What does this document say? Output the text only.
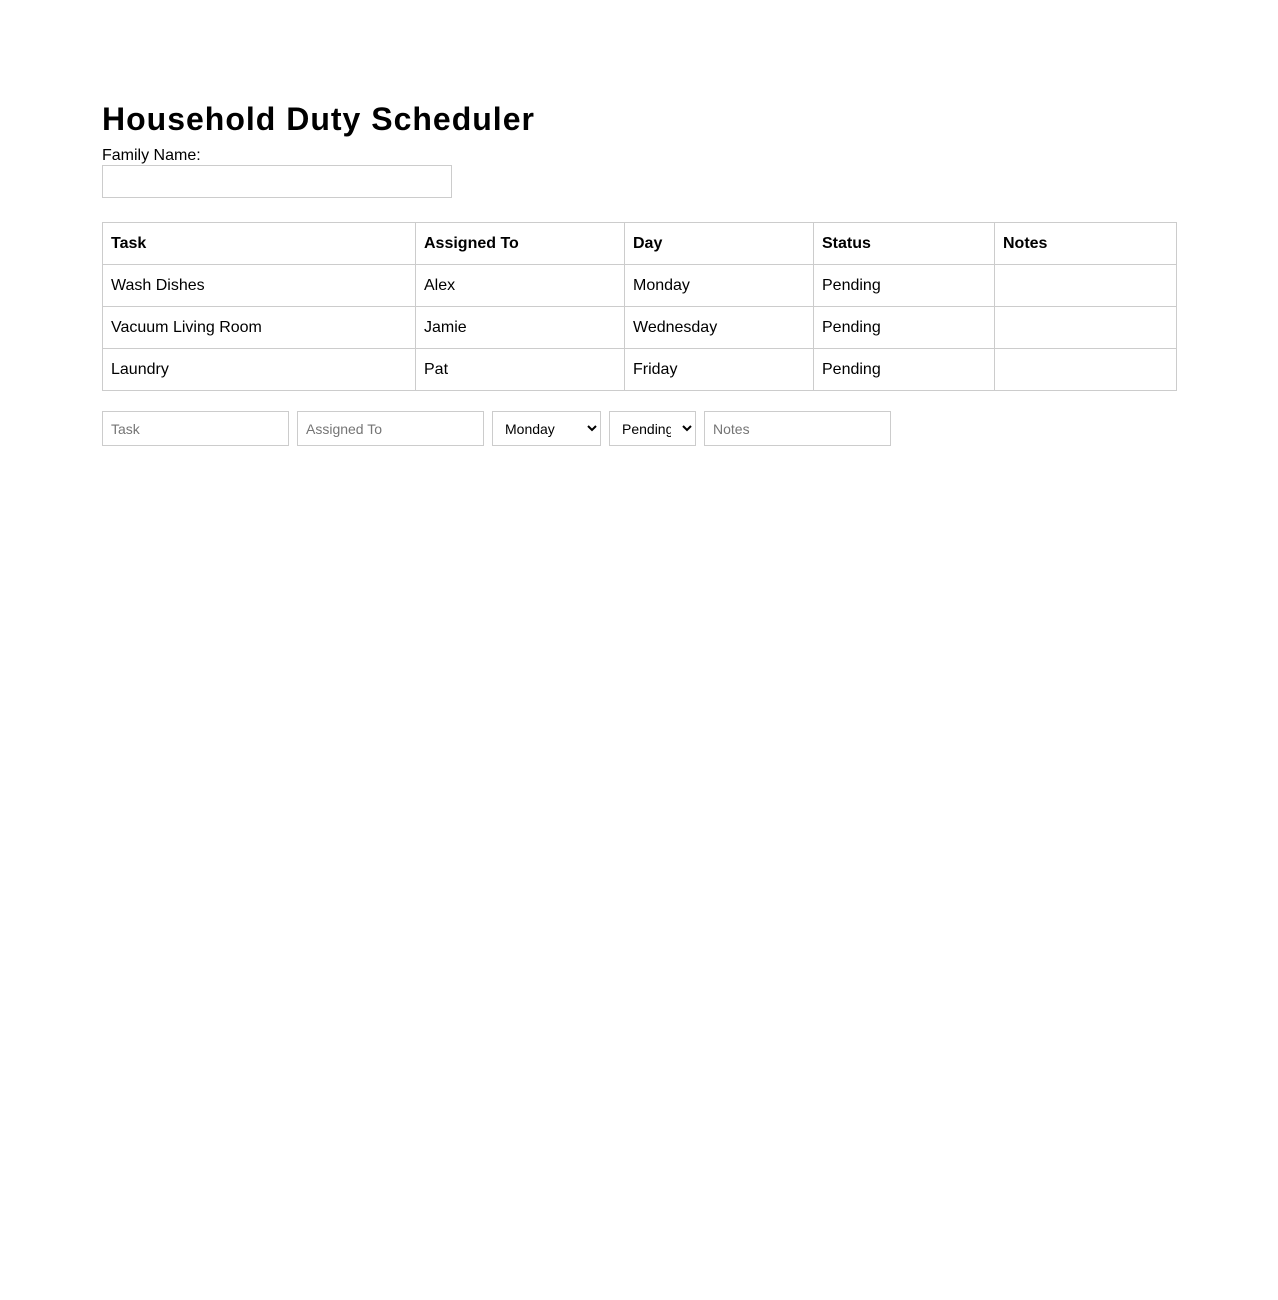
Household Duty Scheduler
Family Name:
Task	Assigned To	Day	Status	Notes
Wash Dishes	Alex	Monday	Pending	
Vacuum Living Room	Jamie	Wednesday	Pending	
Laundry	Pat	Friday	Pending	
Task
Assigned To
Monday
Pending
Notes
